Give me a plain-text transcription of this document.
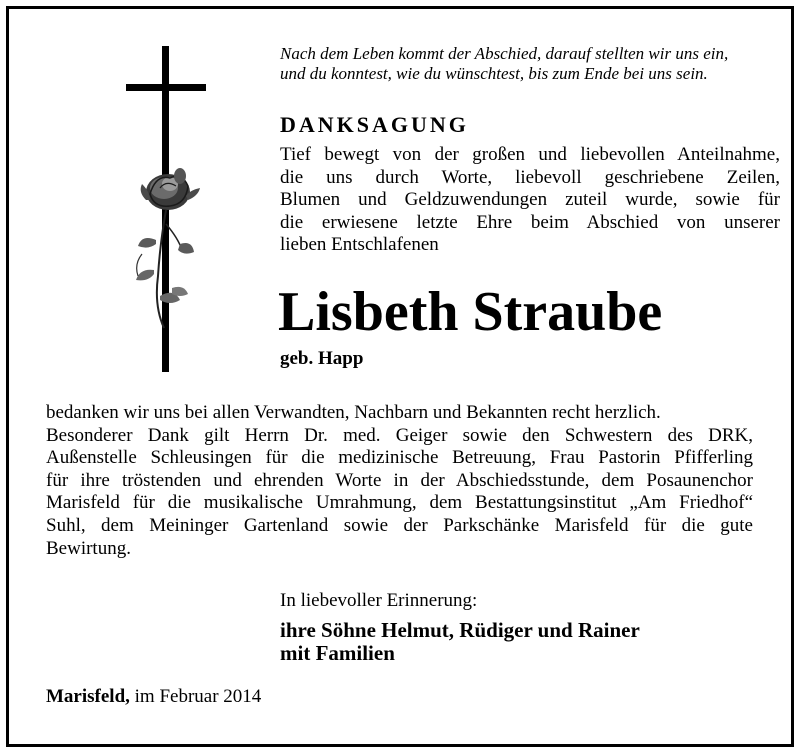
Nach dem Leben kommt der Abschied, darauf stellten wir uns ein,
und du konntest, wie du wünschtest, bis zum Ende bei uns sein.
DANKSAGUNG
Tief bewegt von der großen und liebevollen Anteilnahme,
die uns durch Worte, liebevoll geschriebene Zeilen,
Blumen und Geldzuwendungen zuteil wurde, sowie für
die erwiesene letzte Ehre beim Abschied von unserer
lieben Entschlafenen
Lisbeth Straube
geb. Happ
bedanken wir uns bei allen Verwandten, Nachbarn und Bekannten recht herzlich.
Besonderer Dank gilt Herrn Dr. med. Geiger sowie den Schwestern des DRK,
Außenstelle Schleusingen für die medizinische Betreuung, Frau Pastorin Pfifferling
für ihre tröstenden und ehrenden Worte in der Abschiedsstunde, dem Posaunenchor
Marisfeld für die musikalische Umrahmung, dem Bestattungsinstitut „Am Friedhof“
Suhl, dem Meininger Gartenland sowie der Parkschänke Marisfeld für die gute
Bewirtung.
In liebevoller Erinnerung:
ihre Söhne Helmut, Rüdiger und Rainer
mit Familien
Marisfeld, im Februar 2014
